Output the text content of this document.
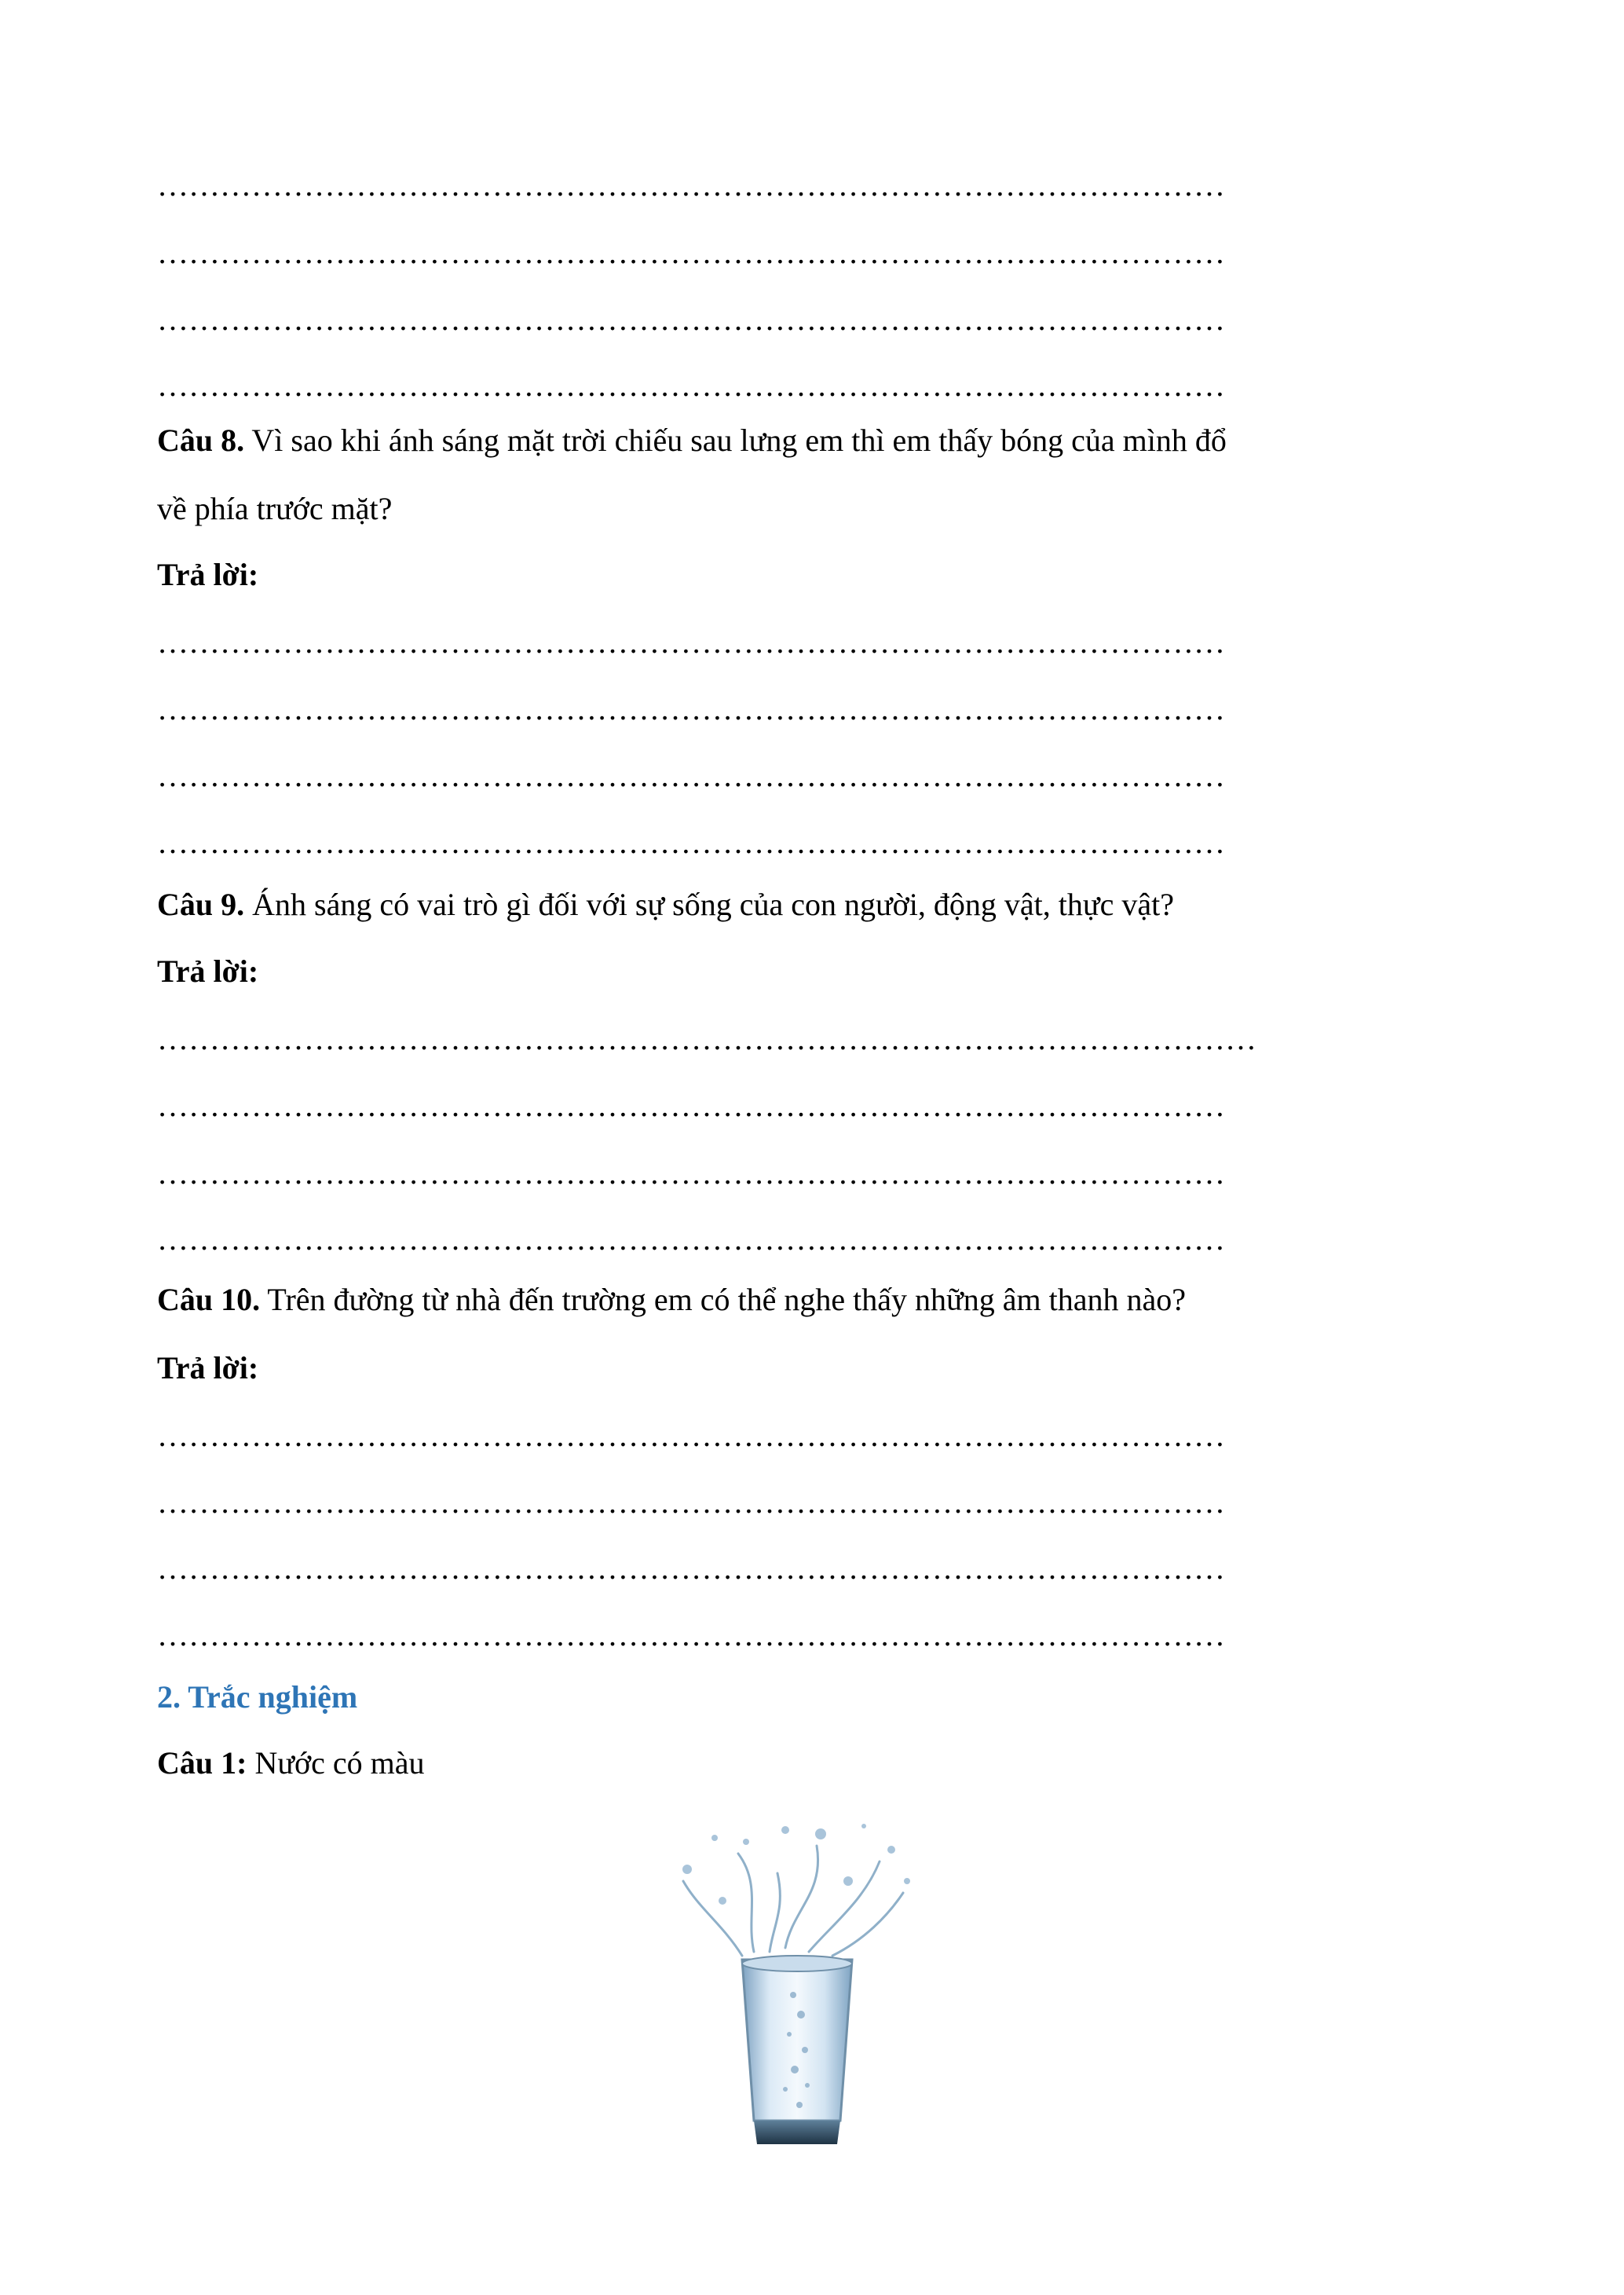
…………………………………………………………………………………………
…………………………………………………………………………………………
…………………………………………………………………………………………
…………………………………………………………………………………………
Câu 8. Vì sao khi ánh sáng mặt trời chiếu sau lưng em thì em thấy bóng của mình đổ
về phía trước mặt?
Trả lời:
…………………………………………………………………………………………
…………………………………………………………………………………………
…………………………………………………………………………………………
…………………………………………………………………………………………
Câu 9. Ánh sáng có vai trò gì đối với sự sống của con người, động vật, thực vật?
Trả lời:
……………………………………………………………………………………………
…………………………………………………………………………………………
…………………………………………………………………………………………
…………………………………………………………………………………………
Câu 10. Trên đường từ nhà đến trường em có thể nghe thấy những âm thanh nào?
Trả lời:
…………………………………………………………………………………………
…………………………………………………………………………………………
…………………………………………………………………………………………
…………………………………………………………………………………………
2. Trắc nghiệm
Câu 1: Nước có màu
